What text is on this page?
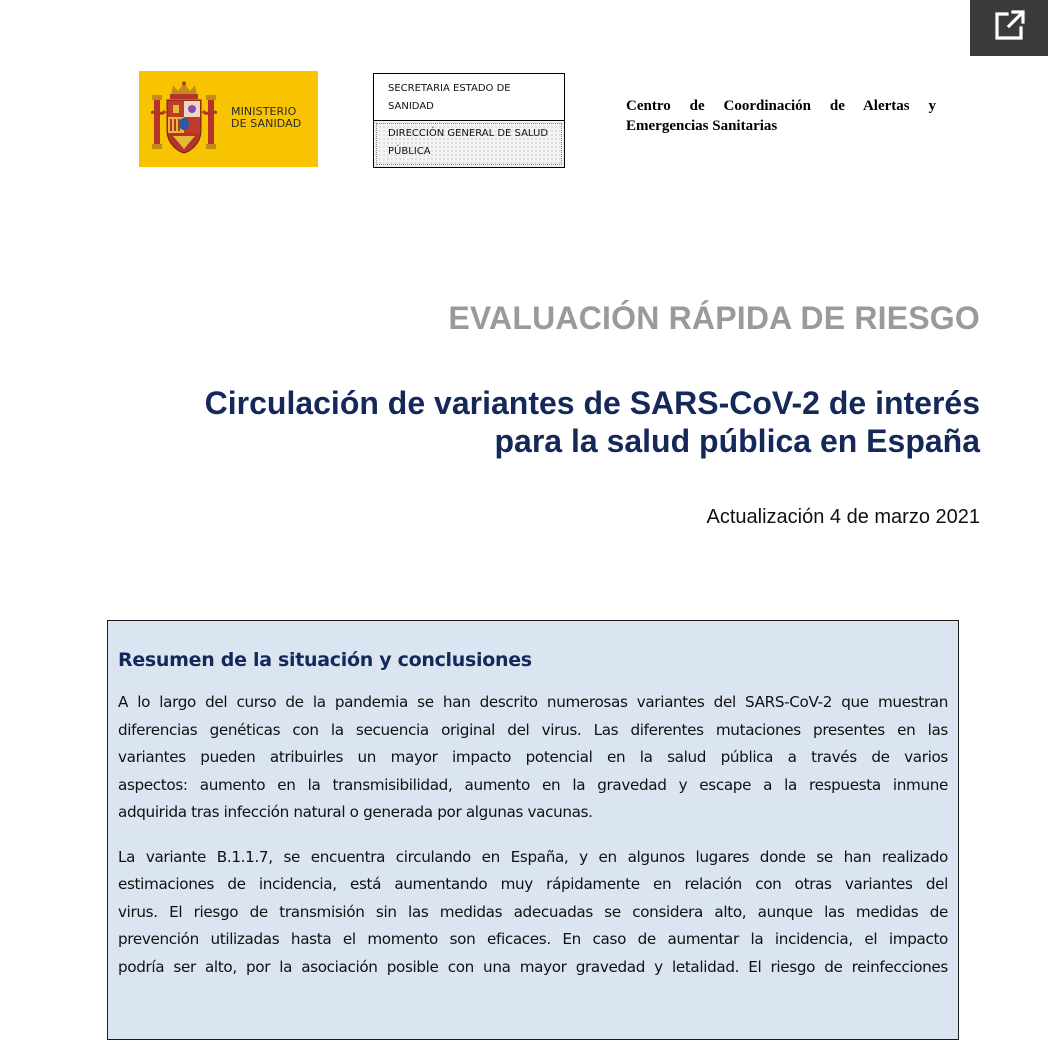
MINISTERIO
DE SANIDAD
SECRETARIA ESTADO DE
SANIDAD
DIRECCIÓN GENERAL DE SALUD
PÚBLICA
Centro de Coordinación de Alertas y
Emergencias Sanitarias
EVALUACIÓN RÁPIDA DE RIESGO
Circulación de variantes de SARS-CoV-2 de interés
para la salud pública en España
Actualización 4 de marzo 2021
Resumen de la situación y conclusiones
A lo largo del curso de la pandemia se han descrito numerosas variantes del SARS-CoV-2 que muestran
diferencias genéticas con la secuencia original del virus. Las diferentes mutaciones presentes en las
variantes pueden atribuirles un mayor impacto potencial en la salud pública a través de varios
aspectos: aumento en la transmisibilidad, aumento en la gravedad y escape a la respuesta inmune
adquirida tras infección natural o generada por algunas vacunas.
La variante B.1.1.7, se encuentra circulando en España, y en algunos lugares donde se han realizado
estimaciones de incidencia, está aumentando muy rápidamente en relación con otras variantes del
virus. El riesgo de transmisión sin las medidas adecuadas se considera alto, aunque las medidas de
prevención utilizadas hasta el momento son eficaces. En caso de aumentar la incidencia, el impacto
podría ser alto, por la asociación posible con una mayor gravedad y letalidad. El riesgo de reinfecciones
